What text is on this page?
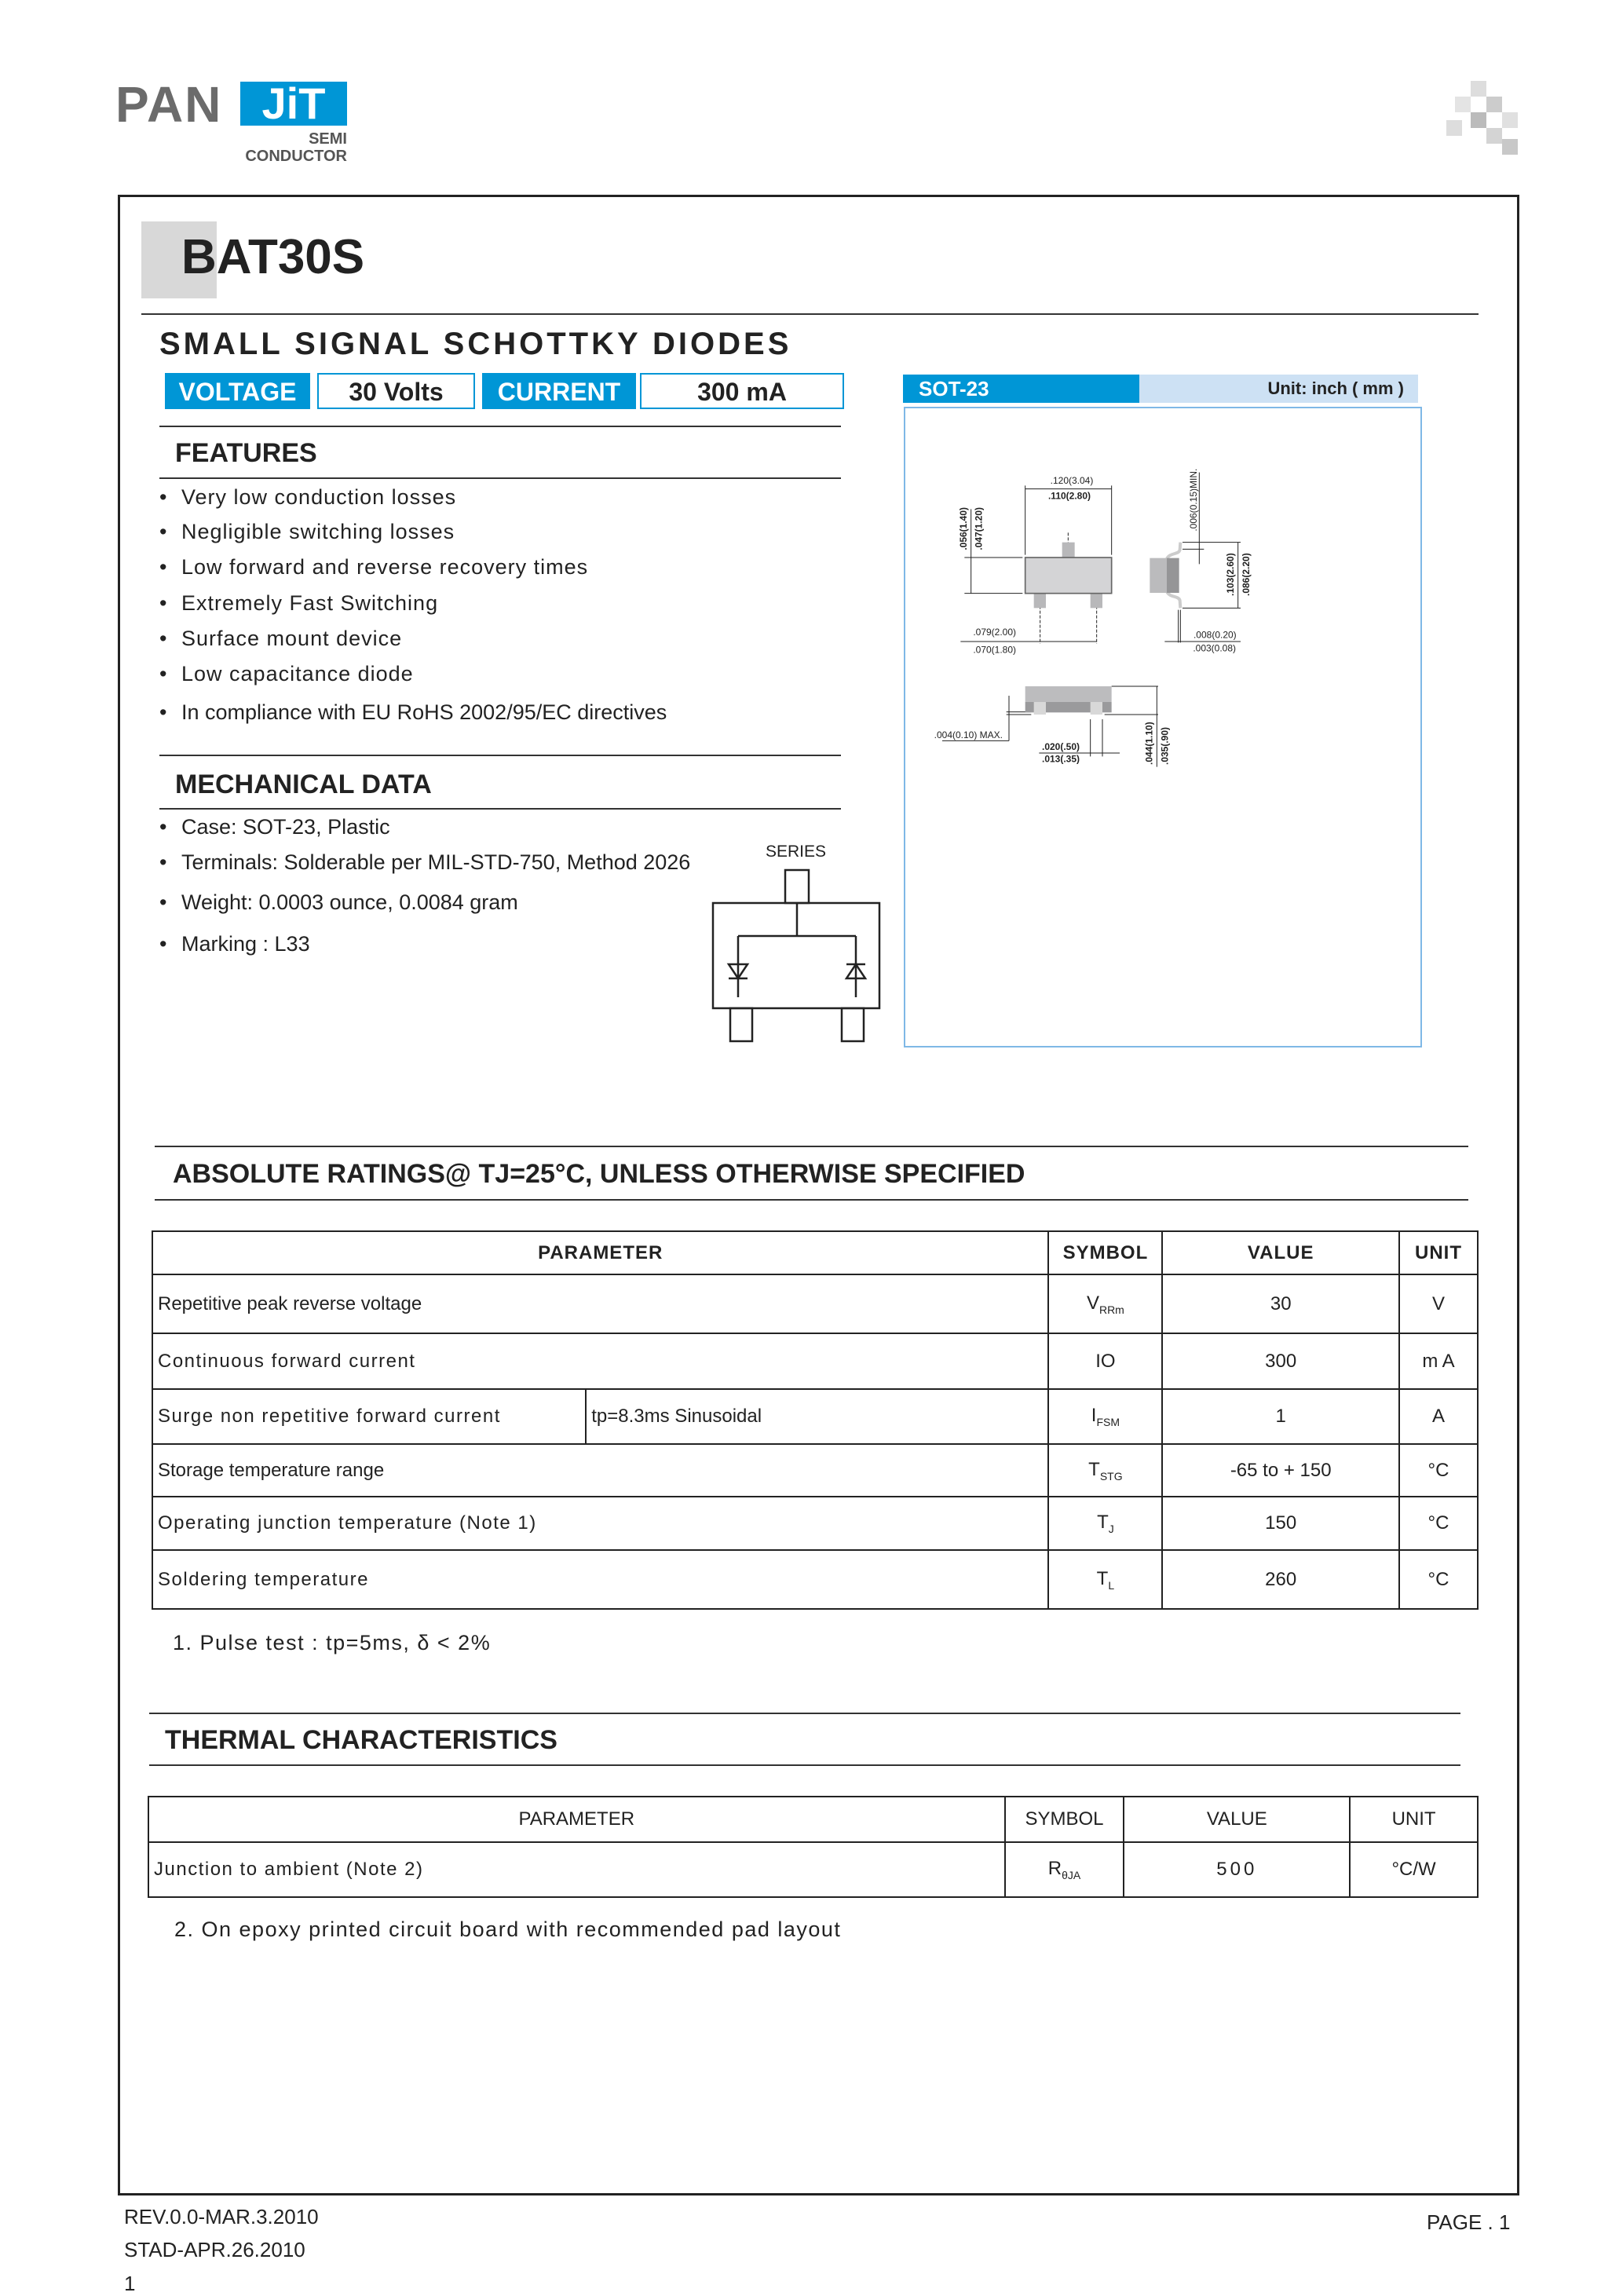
PAN JiT
SEMI
CONDUCTOR
BAT30S
SMALL SIGNAL SCHOTTKY DIODES
VOLTAGE	30 Volts	CURRENT	300 mA
FEATURES
• Very low conduction losses
• Negligible switching losses
• Low forward and reverse recovery times
• Extremely Fast Switching
• Surface mount device
• Low capacitance diode
• In compliance with EU RoHS 2002/95/EC directives
MECHANICAL DATA
• Case: SOT-23, Plastic
• Terminals: Solderable per MIL-STD-750, Method 2026
• Weight: 0.0003 ounce, 0.0084 gram
• Marking : L33
SERIES
SOT-23	Unit: inch ( mm )
.120(3.04)
.110(2.80)
.056(1.40) .047(1.20)
.079(2.00)
.070(1.80)
.006(0.15)MIN.
.103(2.60) .086(2.20)
.008(0.20)
.003(0.08)
.004(0.10) MAX.
.020(.50)
.013(.35) .044(1.10) .035(.90)
ABSOLUTE RATINGS@ TJ=25°C, UNLESS OTHERWISE SPECIFIED
PARAMETER		SYMBOL	VALUE	UNIT
Repetitive peak reverse voltage		$V_{RRm}$	30	V
Continuous forward current		IO	300	m A
Surge non repetitive forward current	tp=8.3ms Sinusoidal	$I_{FSM}$	1	A
Storage temperature range		$T_{STG}$	-65 to + 150	°C
Operating junction temperature (Note 1)		$T_J$	150	°C
Soldering temperature		$T_L$	260	°C
1. Pulse test : tp=5ms, δ < 2%
THERMAL CHARACTERISTICS
PARAMETER	SYMBOL	VALUE	UNIT
Junction to ambient (Note 2)	$R_{\theta JA}$	500	°C/W
2. On epoxy printed circuit board with recommended pad layout
REV.0.0-MAR.3.2010
STAD-APR.26.2010
1
PAGE . 1
